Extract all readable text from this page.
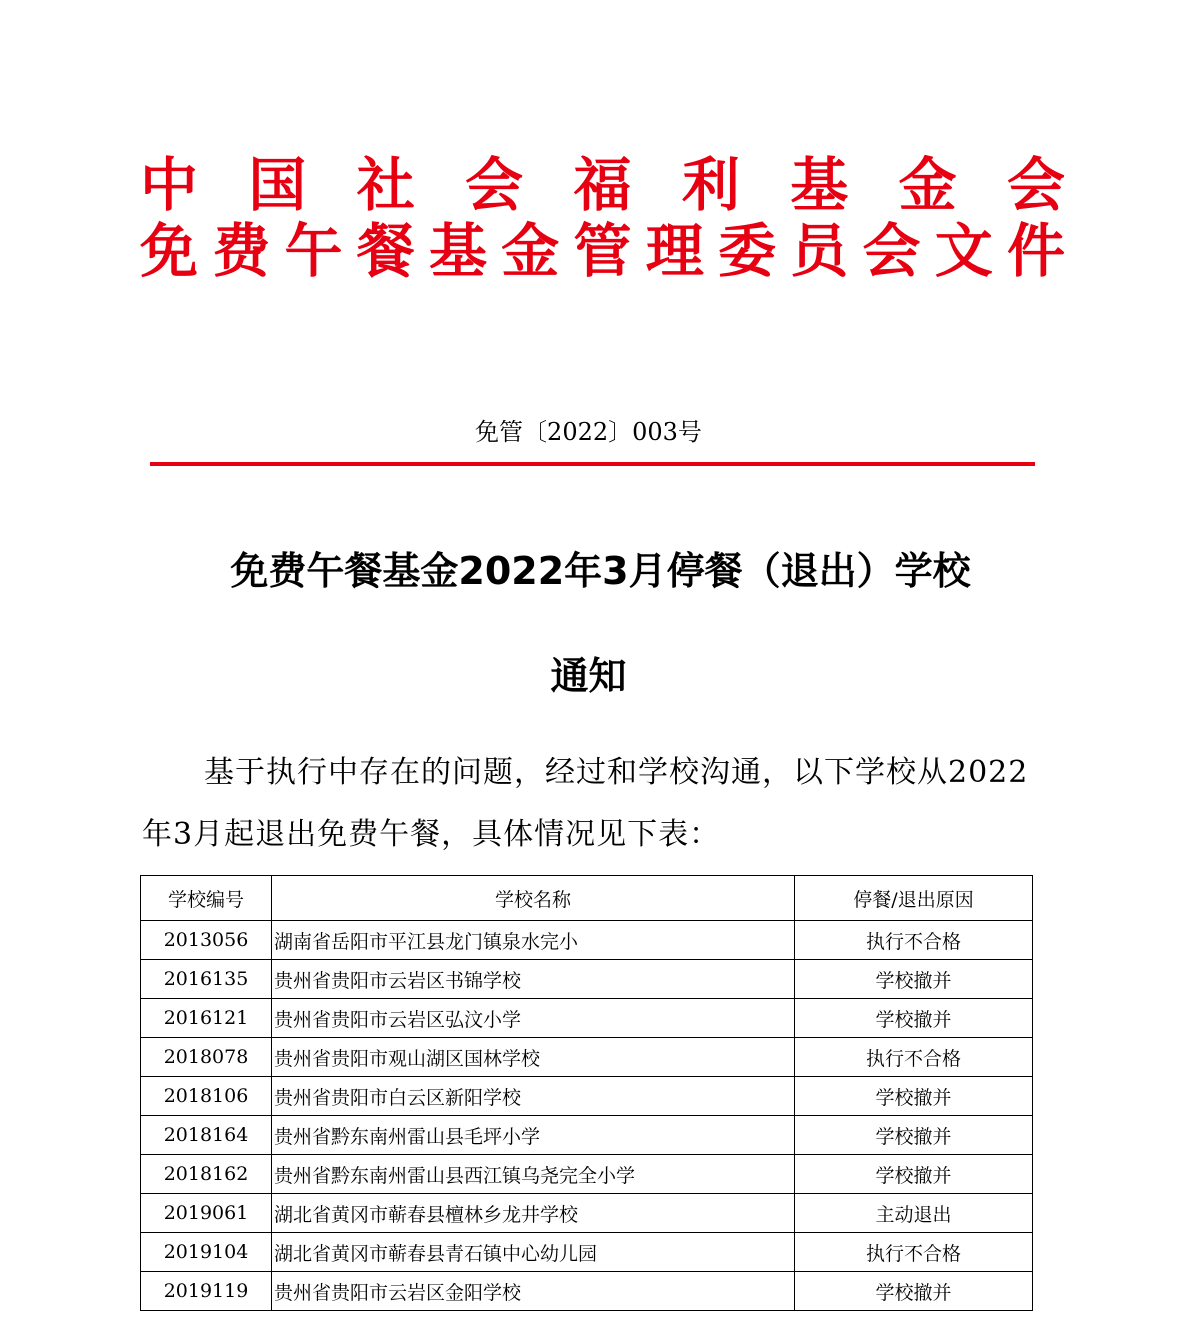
中国社会福利基金会
免费午餐基金管理委员会文件
免管〔2022〕003号
免费午餐基金2022年3月停餐（退出）学校
通知
基于执行中存在的问题，经过和学校沟通，以下学校从2022年3月起退出免费午餐，具体情况见下表：
学校编号	学校名称	停餐/退出原因
2013056	湖南省岳阳市平江县龙门镇泉水完小	执行不合格
2016135	贵州省贵阳市云岩区书锦学校	学校撤并
2016121	贵州省贵阳市云岩区弘汶小学	学校撤并
2018078	贵州省贵阳市观山湖区国林学校	执行不合格
2018106	贵州省贵阳市白云区新阳学校	学校撤并
2018164	贵州省黔东南州雷山县毛坪小学	学校撤并
2018162	贵州省黔东南州雷山县西江镇乌尧完全小学	学校撤并
2019061	湖北省黄冈市蕲春县檀林乡龙井学校	主动退出
2019104	湖北省黄冈市蕲春县青石镇中心幼儿园	执行不合格
2019119	贵州省贵阳市云岩区金阳学校	学校撤并
